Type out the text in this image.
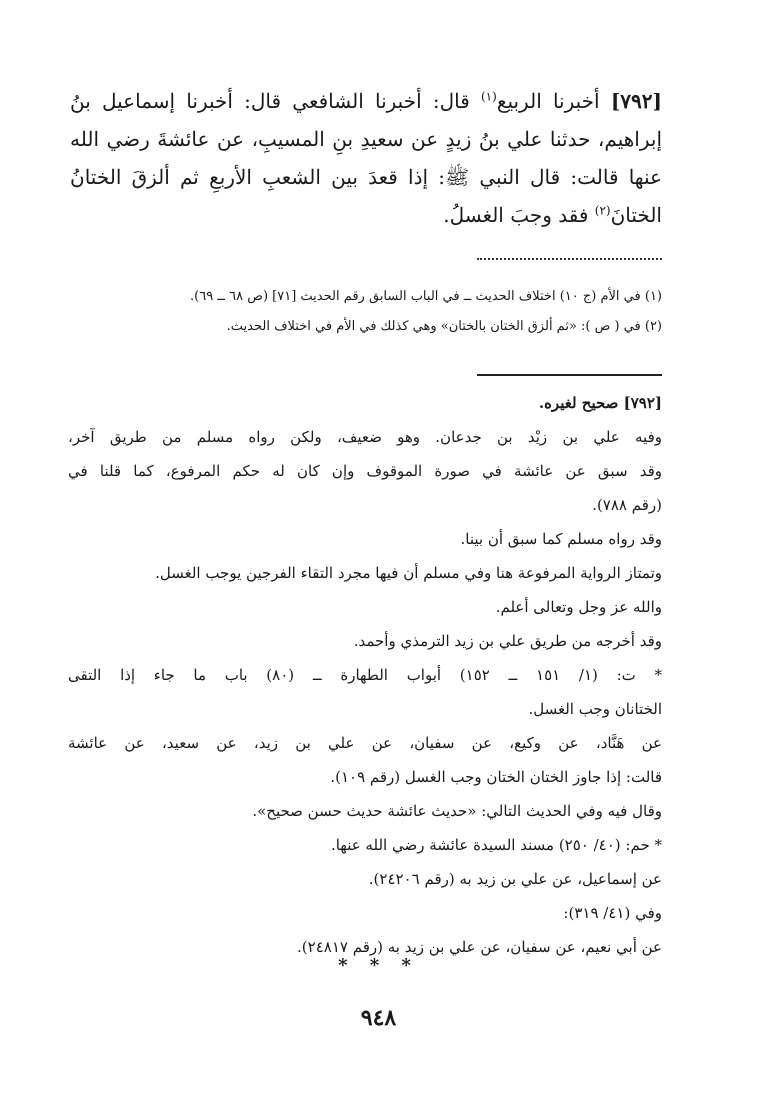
[٧٩٢] أخبرنا الربيع$^{(١)}$ قال: أخبرنا الشافعي قال: أخبرنا إسماعيل بنُ إبراهيم، حدثنا علي بنُ زيدٍ عن سعيدِ بنِ المسيبِ، عن عائشةَ رضي الله عنها قالت: قال النبي ﷺ: إذا قعدَ بين الشعبِ الأربعِ ثم ألزقَ الختانُ الختانَ$^{(٢)}$ فقد وجبَ الغسلُ.
(١) في الأم (ج ١٠) اختلاف الحديث ــ في الباب السابق رقم الحديث [٧١] (ص ٦٨ ــ ٦٩).
(٢) في ( ص ): «ثم ألزق الختان بالختان» وهي كذلك في الأم في اختلاف الحديث.
[٧٩٢] صحيح لغيره.
وفيه علي بن زيْد بن جدعان. وهو ضعيف، ولكن رواه مسلم من طريق آخر،
وقد سبق عن عائشة في صورة الموقوف وإن كان له حكم المرفوع، كما قلنا في
(رقم ٧٨٨).
وقد رواه مسلم كما سبق أن بينا.
وتمتاز الرواية المرفوعة هنا وفي مسلم أن فيها مجرد التقاء الفرجين يوجب الغسل.
والله عز وجل وتعالى أعلم.
وقد أخرجه من طريق علي بن زيد الترمذي وأحمد.
* ت: (١/ ١٥١ ــ ١٥٢) أبواب الطهارة ــ (٨٠) باب ما جاء إذا التقى
الختانان وجب الغسل.
عن هَنَّاد، عن وكيع، عن سفيان، عن علي بن زيد، عن سعيد، عن عائشة
قالت: إذا جاوز الختان الختان وجب الغسل (رقم ١٠٩).
وقال فيه وفي الحديث التالي: «حديث عائشة حديث حسن صحيح».
* حم: (٤٠/ ٢٥٠) مسند السيدة عائشة رضي الله عنها.
عن إسماعيل، عن علي بن زيد به (رقم ٢٤٢٠٦).
وفي (٤١/ ٣١٩):
عن أبي نعيم، عن سفيان، عن علي بن زيد به (رقم ٢٤٨١٧).
* * *
٩٤٨
